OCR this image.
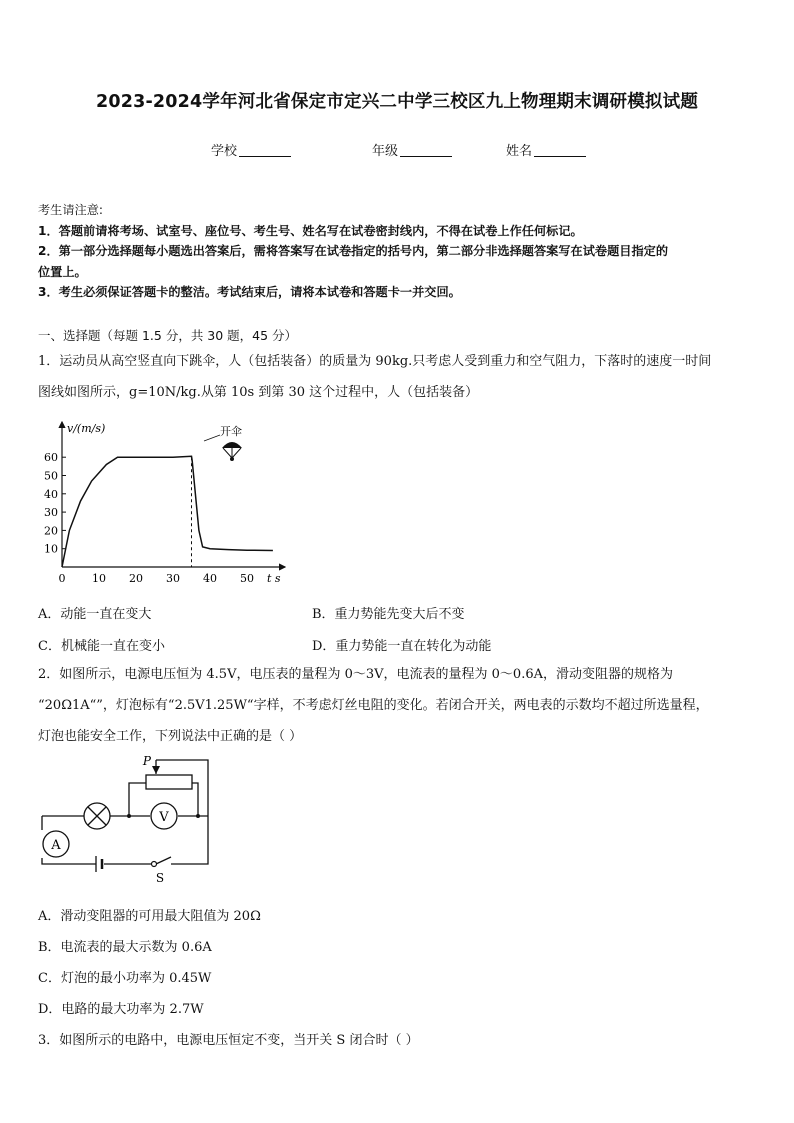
2023-2024学年河北省保定市定兴二中学三校区九上物理期末调研模拟试题
学校	年级	姓名
考生请注意:
1．答题前请将考场、试室号、座位号、考生号、姓名写在试卷密封线内，不得在试卷上作任何标记。
2．第一部分选择题每小题选出答案后，需将答案写在试卷指定的括号内，第二部分非选择题答案写在试卷题目指定的
位置上。
3．考生必须保证答题卡的整洁。考试结束后，请将本试卷和答题卡一并交回。
一、选择题（每题 1.5 分，共 30 题，45 分）
1．运动员从高空竖直向下跳伞，人（包括装备）的质量为 90kg.只考虑人受到重力和空气阻力，下落时的速度一时间
图线如图所示，g=10N/kg.从第 10s 到第 30 这个过程中，人（包括装备）
v/(m/s)
t s
0 10 20 30 40 50
10
20
30
40
50
60
开伞
A．动能一直在变大	B．重力势能先变大后不变
C．机械能一直在变小	D．重力势能一直在转化为动能
2．如图所示，电源电压恒为 4.5V，电压表的量程为 0～3V，电流表的量程为 0～0.6A，滑动变阻器的规格为
“20Ω1A“”，灯泡标有“2.5V1.25W“字样，不考虑灯丝电阻的变化。若闭合开关，两电表的示数均不超过所选量程，
灯泡也能安全工作，下列说法中正确的是（ ）
V
A
P
S
A．滑动变阻器的可用最大阻值为 20Ω
B．电流表的最大示数为 0.6A
C．灯泡的最小功率为 0.45W
D．电路的最大功率为 2.7W
3．如图所示的电路中，电源电压恒定不变，当开关 S 闭合时（ ）
